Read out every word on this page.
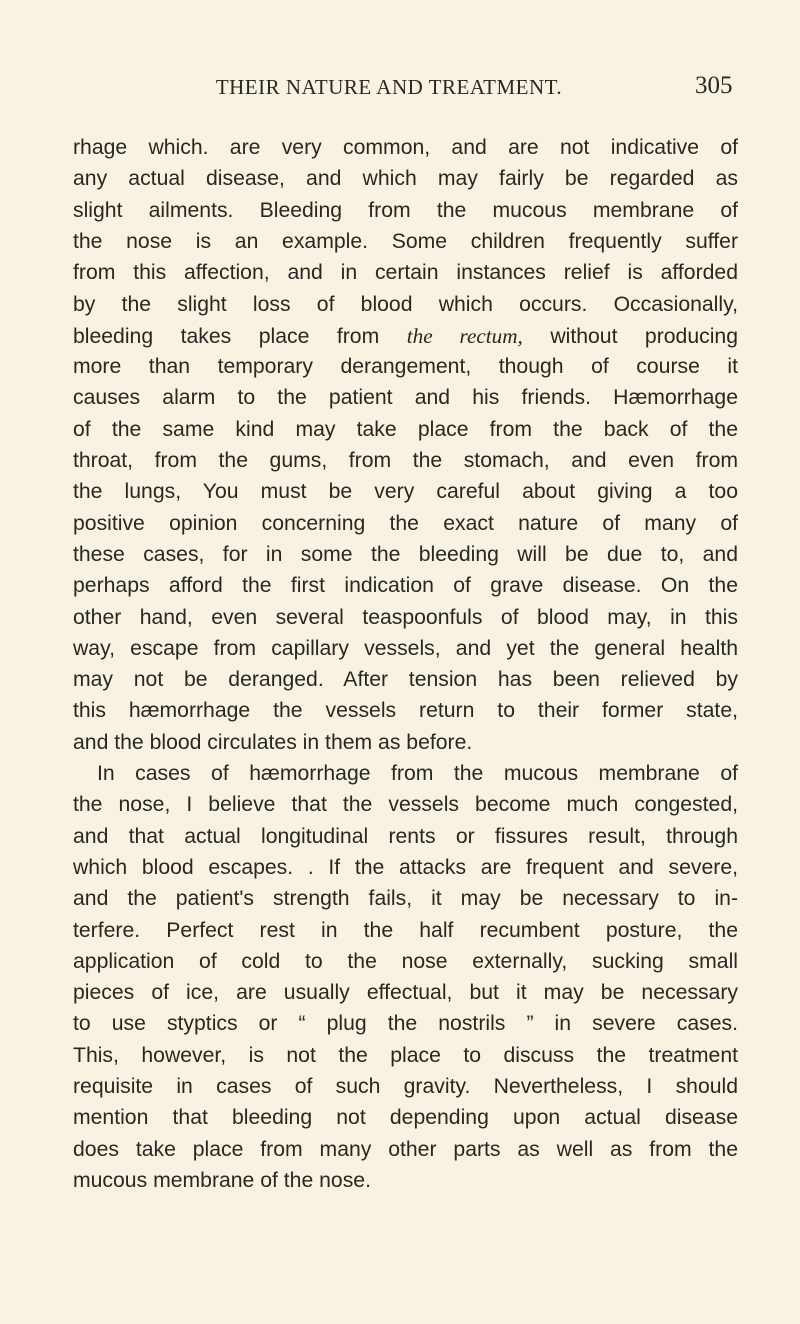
THEIR NATURE AND TREATMENT.	305
rhage which. are very common, and are not indicative of
any actual disease, and which may fairly be regarded as
slight ailments. Bleeding from the mucous membrane of
the nose is an example. Some children frequently suffer
from this affection, and in certain instances relief is afforded
by the slight loss of blood which occurs. Occasionally,
bleeding takes place from the rectum, without producing
more than temporary derangement, though of course it
causes alarm to the patient and his friends. Hæmorrhage
of the same kind may take place from the back of the
throat, from the gums, from the stomach, and even from
the lungs, You must be very careful about giving a too
positive opinion concerning the exact nature of many of
these cases, for in some the bleeding will be due to, and
perhaps afford the first indication of grave disease. On the
other hand, even several teaspoonfuls of blood may, in this
way, escape from capillary vessels, and yet the general health
may not be deranged. After tension has been relieved by
this hæmorrhage the vessels return to their former state,
and the blood circulates in them as before.
In cases of hæmorrhage from the mucous membrane of
the nose, I believe that the vessels become much congested,
and that actual longitudinal rents or fissures result, through
which blood escapes. . If the attacks are frequent and severe,
and the patient's strength fails, it may be necessary to in-
terfere. Perfect rest in the half recumbent posture, the
application of cold to the nose externally, sucking small
pieces of ice, are usually effectual, but it may be necessary
to use styptics or “ plug the nostrils ” in severe cases.
This, however, is not the place to discuss the treatment
requisite in cases of such gravity. Nevertheless, I should
mention that bleeding not depending upon actual disease
does take place from many other parts as well as from the
mucous membrane of the nose.
